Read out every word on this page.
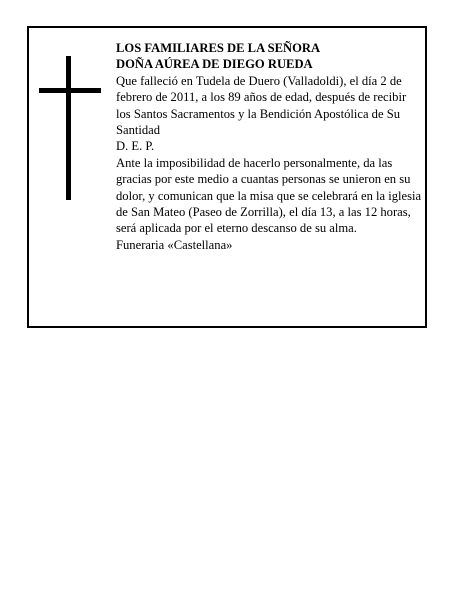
LOS FAMILIARES DE LA SEÑORA

DOÑA AÚREA DE DIEGO RUEDA

Que falleció en Tudela de Duero (Valladoldi), el día 2 de febrero de 2011, a los 89 años de edad, después de recibir los Santos Sacramentos y la Bendición Apostólica de Su Santidad

D. E. P.

Ante la imposibilidad de hacerlo personalmente, da las gracias por este medio a cuantas personas se unieron en su dolor, y comunican que la misa que se celebrará en la iglesia de San Mateo (Paseo de Zorrilla), el día 13, a las 12 horas, será aplicada por el eterno descanso de su alma.

Funeraria «Castellana»
